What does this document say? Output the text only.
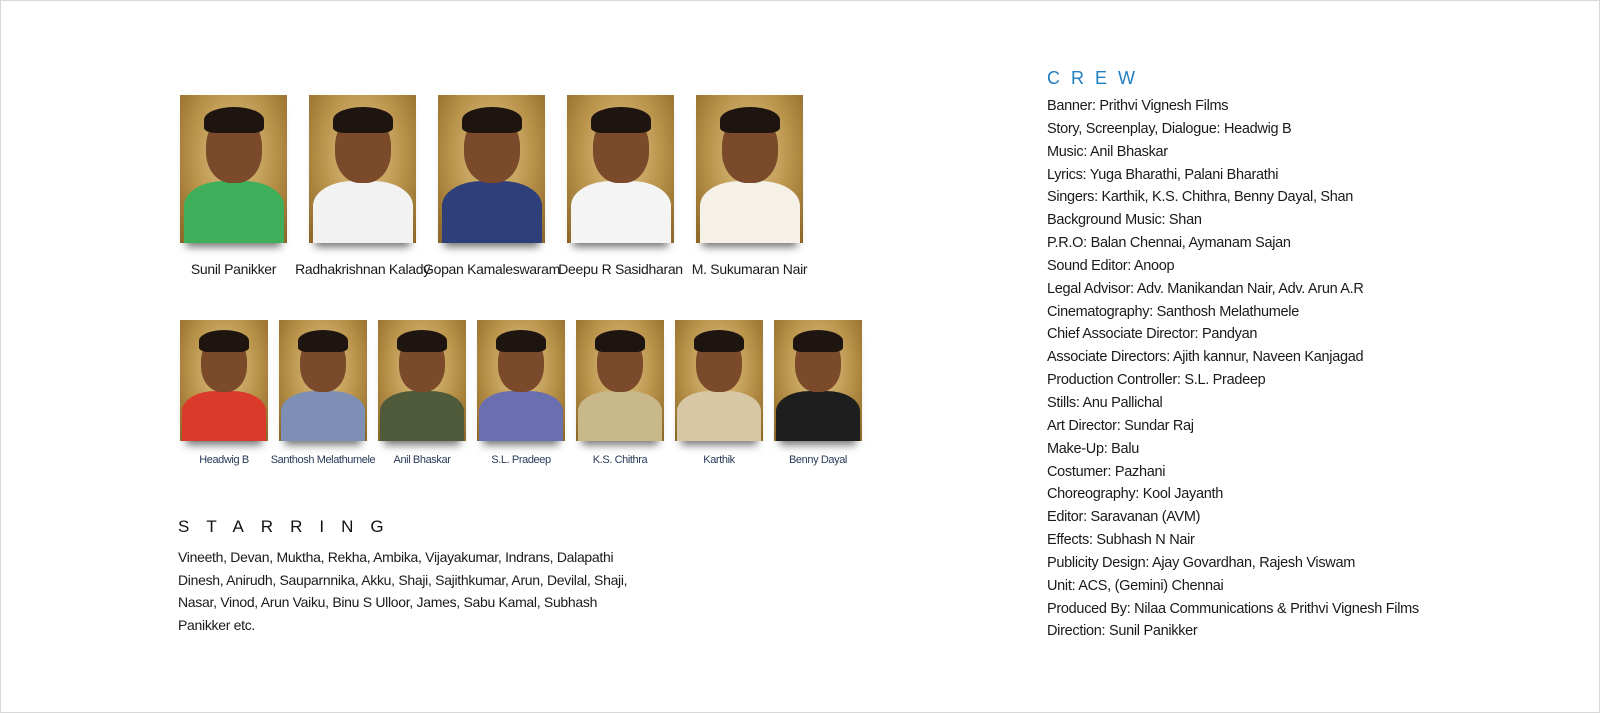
Sunil Panikker Radhakrishnan Kalady
Gopan Kamaleswaram
Deepu R Sasidharan M. Sukumaran Nair
Headwig B Santhosh Melathumele Anil Bhaskar	S.L. Pradeep	K.S. Chithra	Karthik	Benny Dayal
STARRING

Vineeth, Devan, Muktha, Rekha, Ambika, Vijayakumar, Indrans, Dalapathi Dinesh, Anirudh, Sauparnnika, Akku, Shaji, Sajithkumar, Arun, Devilal, Shaji, Nasar, Vinod, Arun Vaiku, Binu S Ulloor, James, Sabu Kamal, Subhash Panikker etc.

CREW
Banner: Prithvi Vignesh Films
Story, Screenplay, Dialogue: Headwig B
Music: Anil Bhaskar
Lyrics: Yuga Bharathi, Palani Bharathi
Singers: Karthik, K.S. Chithra, Benny Dayal, Shan
Background Music: Shan
P.R.O: Balan Chennai, Aymanam Sajan
Sound Editor: Anoop
Legal Advisor: Adv. Manikandan Nair, Adv. Arun A.R
Cinematography: Santhosh Melathumele
Chief Associate Director: Pandyan
Associate Directors: Ajith kannur, Naveen Kanjagad
Production Controller: S.L. Pradeep
Stills: Anu Pallichal
Art Director: Sundar Raj
Make-Up: Balu
Costumer: Pazhani
Choreography: Kool Jayanth
Editor: Saravanan (AVM)
Effects: Subhash N Nair
Publicity Design: Ajay Govardhan, Rajesh Viswam
Unit: ACS, (Gemini) Chennai
Produced By: Nilaa Communications & Prithvi Vignesh Films
Direction: Sunil Panikker
